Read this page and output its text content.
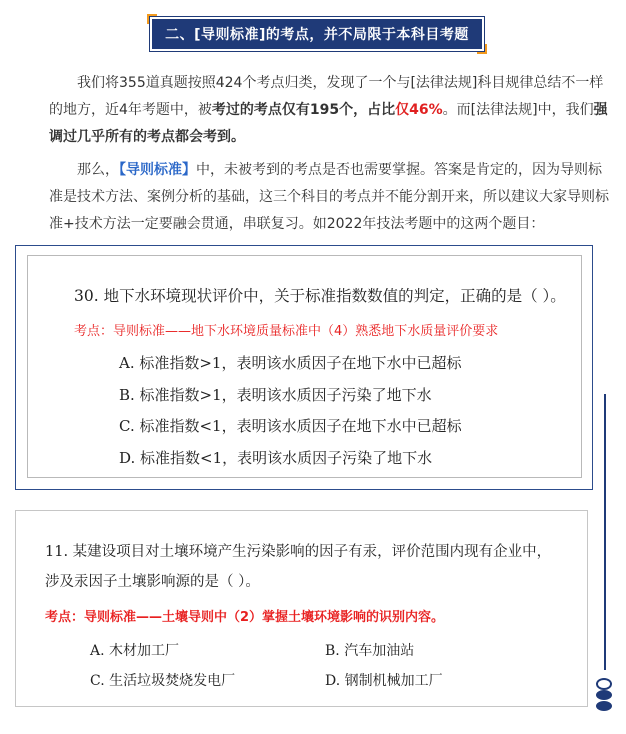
二、[导则标准]的考点，并不局限于本科目考题
我们将355道真题按照424个考点归类，发现了一个与[法律法规]科目规律总结不一样的地方，近4年考题中，被考过的考点仅有195个，占比仅46%。而[法律法规]中，我们强调过几乎所有的考点都会考到。
那么，【导则标准】中，未被考到的考点是否也需要掌握。答案是肯定的，因为导则标准是技术方法、案例分析的基础，这三个科目的考点并不能分割开来，所以建议大家导则标准+技术方法一定要融会贯通，串联复习。如2022年技法考题中的这两个题目：
30. 地下水环境现状评价中，关于标准指数数值的判定，正确的是（ ）。
考点：导则标准——地下水环境质量标准中（4）熟悉地下水质量评价要求
A. 标准指数>1，表明该水质因子在地下水中已超标
B. 标准指数>1，表明该水质因子污染了地下水
C. 标准指数<1，表明该水质因子在地下水中已超标
D. 标准指数<1，表明该水质因子污染了地下水
11. 某建设项目对土壤环境产生污染影响的因子有汞，评价范围内现有企业中，
涉及汞因子土壤影响源的是（ ）。
考点：导则标准——土壤导则中（2）掌握土壤环境影响的识别内容。
A. 木材加工厂	B. 汽车加油站
C. 生活垃圾焚烧发电厂	D. 钢制机械加工厂
